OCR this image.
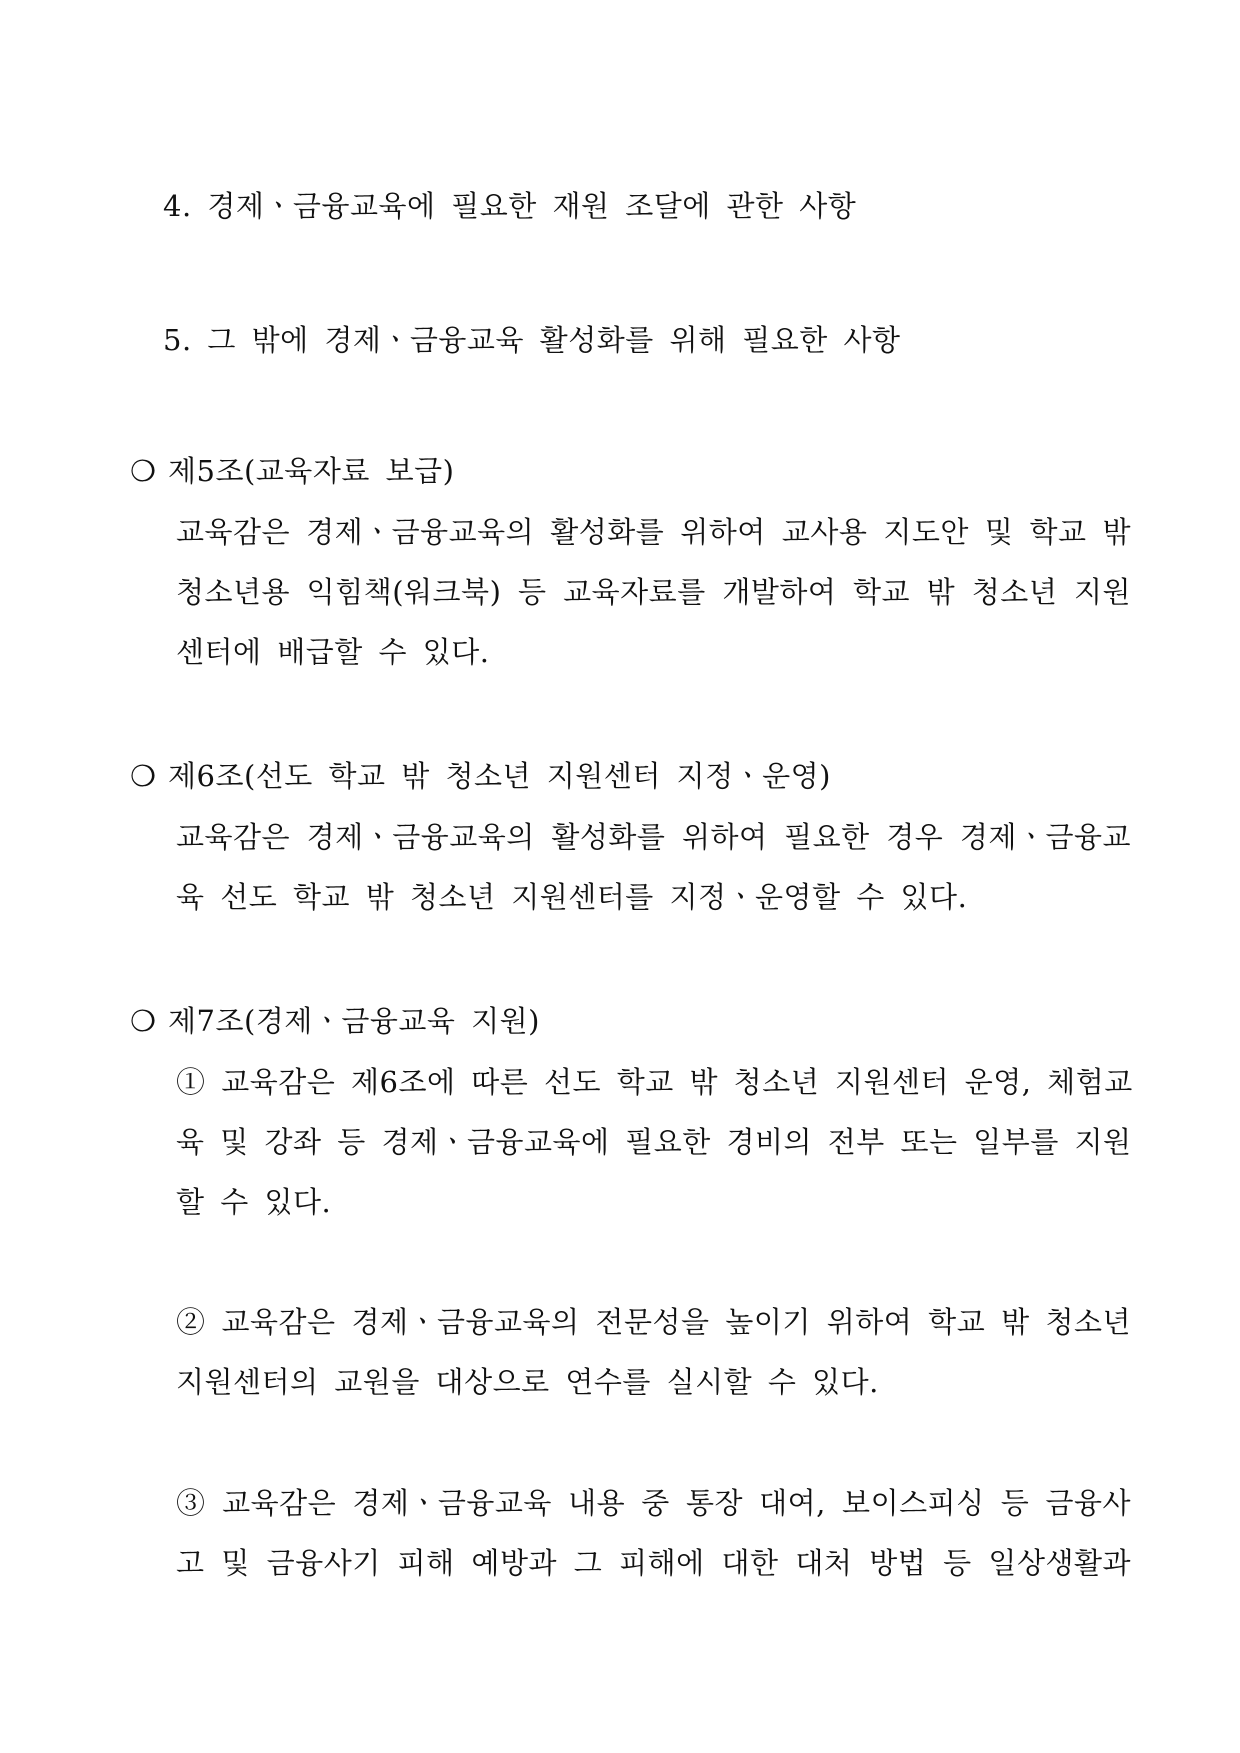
4. 경제ㆍ금융교육에 필요한 재원 조달에 관한 사항
5. 그 밖에 경제ㆍ금융교육 활성화를 위해 필요한 사항
❍ 제5조(교육자료 보급)
교육감은 경제ㆍ금융교육의 활성화를 위하여 교사용 지도안 및 학교 밖
청소년용 익힘책(워크북) 등 교육자료를 개발하여 학교 밖 청소년 지원
센터에 배급할 수 있다.
❍ 제6조(선도 학교 밖 청소년 지원센터 지정ㆍ운영)
교육감은 경제ㆍ금융교육의 활성화를 위하여 필요한 경우 경제ㆍ금융교
육 선도 학교 밖 청소년 지원센터를 지정ㆍ운영할 수 있다.
❍ 제7조(경제ㆍ금융교육 지원)
① 교육감은 제6조에 따른 선도 학교 밖 청소년 지원센터 운영, 체험교
육 및 강좌 등 경제ㆍ금융교육에 필요한 경비의 전부 또는 일부를 지원
할 수 있다.
② 교육감은 경제ㆍ금융교육의 전문성을 높이기 위하여 학교 밖 청소년
지원센터의 교원을 대상으로 연수를 실시할 수 있다.
③ 교육감은 경제ㆍ금융교육 내용 중 통장 대여, 보이스피싱 등 금융사
고 및 금융사기 피해 예방과 그 피해에 대한 대처 방법 등 일상생활과
